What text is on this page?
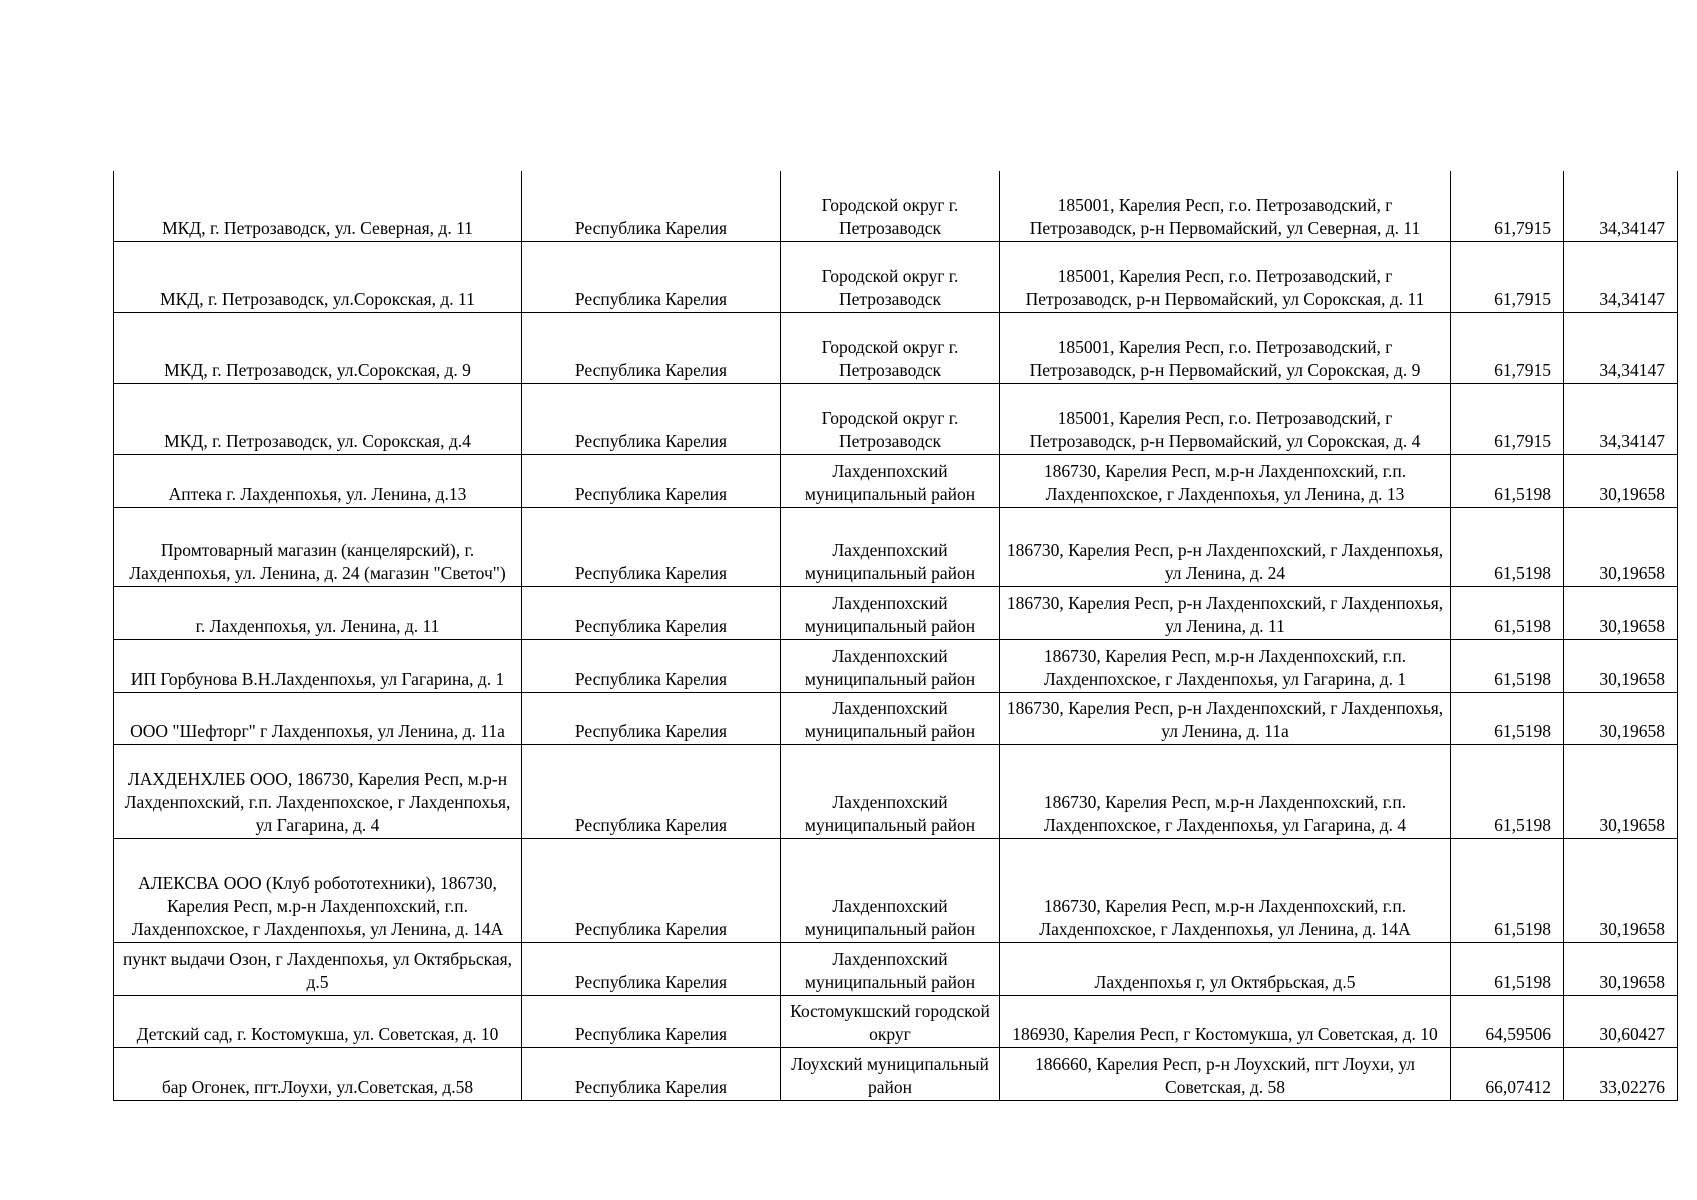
МКД, г. Петрозаводск, ул. Северная, д. 11	Республика Карелия	Городской округ г. Петрозаводск	185001, Карелия Респ, г.о. Петрозаводский, г Петрозаводск, р-н Первомайский, ул Северная, д. 11	61,7915	34,34147
МКД, г. Петрозаводск, ул.Сорокская, д. 11	Республика Карелия	Городской округ г. Петрозаводск	185001, Карелия Респ, г.о. Петрозаводский, г Петрозаводск, р-н Первомайский, ул Сорокская, д. 11	61,7915	34,34147
МКД, г. Петрозаводск, ул.Сорокская, д. 9	Республика Карелия	Городской округ г. Петрозаводск	185001, Карелия Респ, г.о. Петрозаводский, г Петрозаводск, р-н Первомайский, ул Сорокская, д. 9	61,7915	34,34147
МКД, г. Петрозаводск, ул. Сорокская, д.4	Республика Карелия	Городской округ г. Петрозаводск	185001, Карелия Респ, г.о. Петрозаводский, г Петрозаводск, р-н Первомайский, ул Сорокская, д. 4	61,7915	34,34147
Аптека г. Лахденпохья, ул. Ленина, д.13	Республика Карелия	Лахденпохский муниципальный район	186730, Карелия Респ, м.р-н Лахденпохский, г.п. Лахденпохское, г Лахденпохья, ул Ленина, д. 13	61,5198	30,19658
Промтоварный магазин (канцелярский), г. Лахденпохья, ул. Ленина, д. 24 (магазин "Светоч")	Республика Карелия	Лахденпохский муниципальный район	186730, Карелия Респ, р-н Лахденпохский, г Лахденпохья, ул Ленина, д. 24	61,5198	30,19658
г. Лахденпохья, ул. Ленина, д. 11	Республика Карелия	Лахденпохский муниципальный район	186730, Карелия Респ, р-н Лахденпохский, г Лахденпохья, ул Ленина, д. 11	61,5198	30,19658
ИП Горбунова В.Н.Лахденпохья, ул Гагарина, д. 1	Республика Карелия	Лахденпохский муниципальный район	186730, Карелия Респ, м.р-н Лахденпохский, г.п. Лахденпохское, г Лахденпохья, ул Гагарина, д. 1	61,5198	30,19658
ООО "Шефторг" г Лахденпохья, ул Ленина, д. 11а	Республика Карелия	Лахденпохский муниципальный район	186730, Карелия Респ, р-н Лахденпохский, г Лахденпохья, ул Ленина, д. 11а	61,5198	30,19658
ЛАХДЕНХЛЕБ ООО, 186730, Карелия Респ, м.р-н Лахденпохский, г.п. Лахденпохское, г Лахденпохья, ул Гагарина, д. 4	Республика Карелия	Лахденпохский муниципальный район	186730, Карелия Респ, м.р-н Лахденпохский, г.п. Лахденпохское, г Лахденпохья, ул Гагарина, д. 4	61,5198	30,19658
АЛЕКСВА ООО (Клуб робототехники), 186730, Карелия Респ, м.р-н Лахденпохский, г.п. Лахденпохское, г Лахденпохья, ул Ленина, д. 14А	Республика Карелия	Лахденпохский муниципальный район	186730, Карелия Респ, м.р-н Лахденпохский, г.п. Лахденпохское, г Лахденпохья, ул Ленина, д. 14А	61,5198	30,19658
пункт выдачи Озон, г Лахденпохья, ул Октябрьская, д.5	Республика Карелия	Лахденпохский муниципальный район	Лахденпохья г, ул Октябрьская, д.5	61,5198	30,19658
Детский сад, г. Костомукша, ул. Советская, д. 10	Республика Карелия	Костомукшский городской округ	186930, Карелия Респ, г Костомукша, ул Советская, д. 10	64,59506	30,60427
бар Огонек, пгт.Лоухи, ул.Советская, д.58	Республика Карелия	Лоухский муниципальный район	186660, Карелия Респ, р-н Лоухский, пгт Лоухи, ул Советская, д. 58	66,07412	33,02276
